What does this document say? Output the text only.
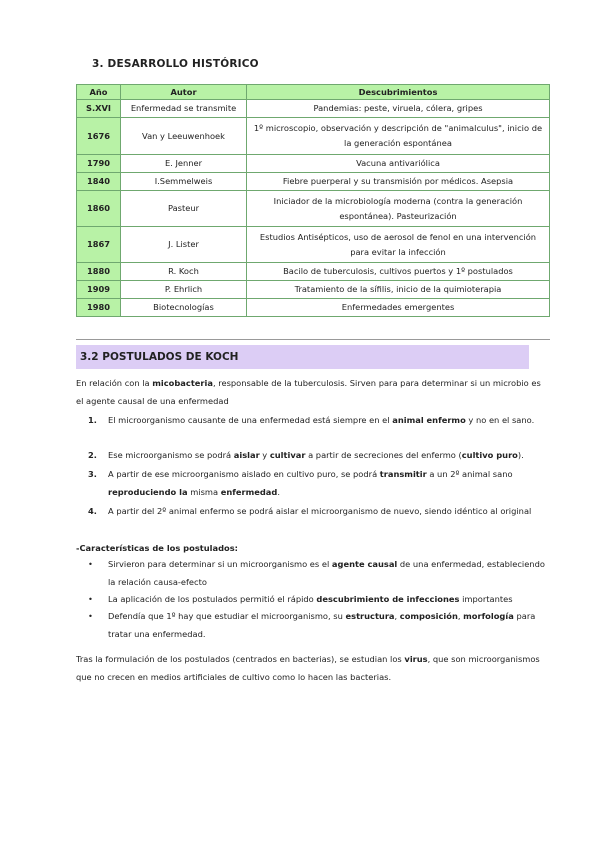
3. DESARROLLO HISTÓRICO
Año	Autor	Descubrimientos
S.XVI	Enfermedad se transmite	Pandemias: peste, viruela, cólera, gripes
1676	Van y Leeuwenhoek	1º microscopio, observación y descripción de "animalculus", inicio de la generación espontánea
1790	E. Jenner	Vacuna antivariólica
1840	I.Semmelweis	Fiebre puerperal y su transmisión por médicos. Asepsia
1860	Pasteur	Iniciador de la microbiología moderna (contra la generación espontánea). Pasteurización
1867	J. Lister	Estudios Antisépticos, uso de aerosol de fenol en una intervención para evitar la infección
1880	R. Koch	Bacilo de tuberculosis, cultivos puertos y 1º postulados
1909	P. Ehrlich	Tratamiento de la sífilis, inicio de la quimioterapia
1980	Biotecnologías	Enfermedades emergentes
3.2 POSTULADOS DE KOCH
En relación con la micobacteria, responsable de la tuberculosis. Sirven para para determinar si un microbio es el agente causal de una enfermedad
1. El microorganismo causante de una enfermedad está siempre en el animal enfermo y no en el sano.
2. Ese microorganismo se podrá aislar y cultivar a partir de secreciones del enfermo (cultivo puro).
3. A partir de ese microorganismo aislado en cultivo puro, se podrá transmitir a un 2º animal sano reproduciendo la misma enfermedad.
4. A partir del 2º animal enfermo se podrá aislar el microorganismo de nuevo, siendo idéntico al original
-Características de los postulados:
• Sirvieron para determinar si un microorganismo es el agente causal de una enfermedad, estableciendo la relación causa-efecto
• La aplicación de los postulados permitió el rápido descubrimiento de infecciones importantes
• Defendía que 1º hay que estudiar el microorganismo, su estructura, composición, morfología para tratar una enfermedad.
Tras la formulación de los postulados (centrados en bacterias), se estudian los virus, que son microorganismos que no crecen en medios artificiales de cultivo como lo hacen las bacterias.
